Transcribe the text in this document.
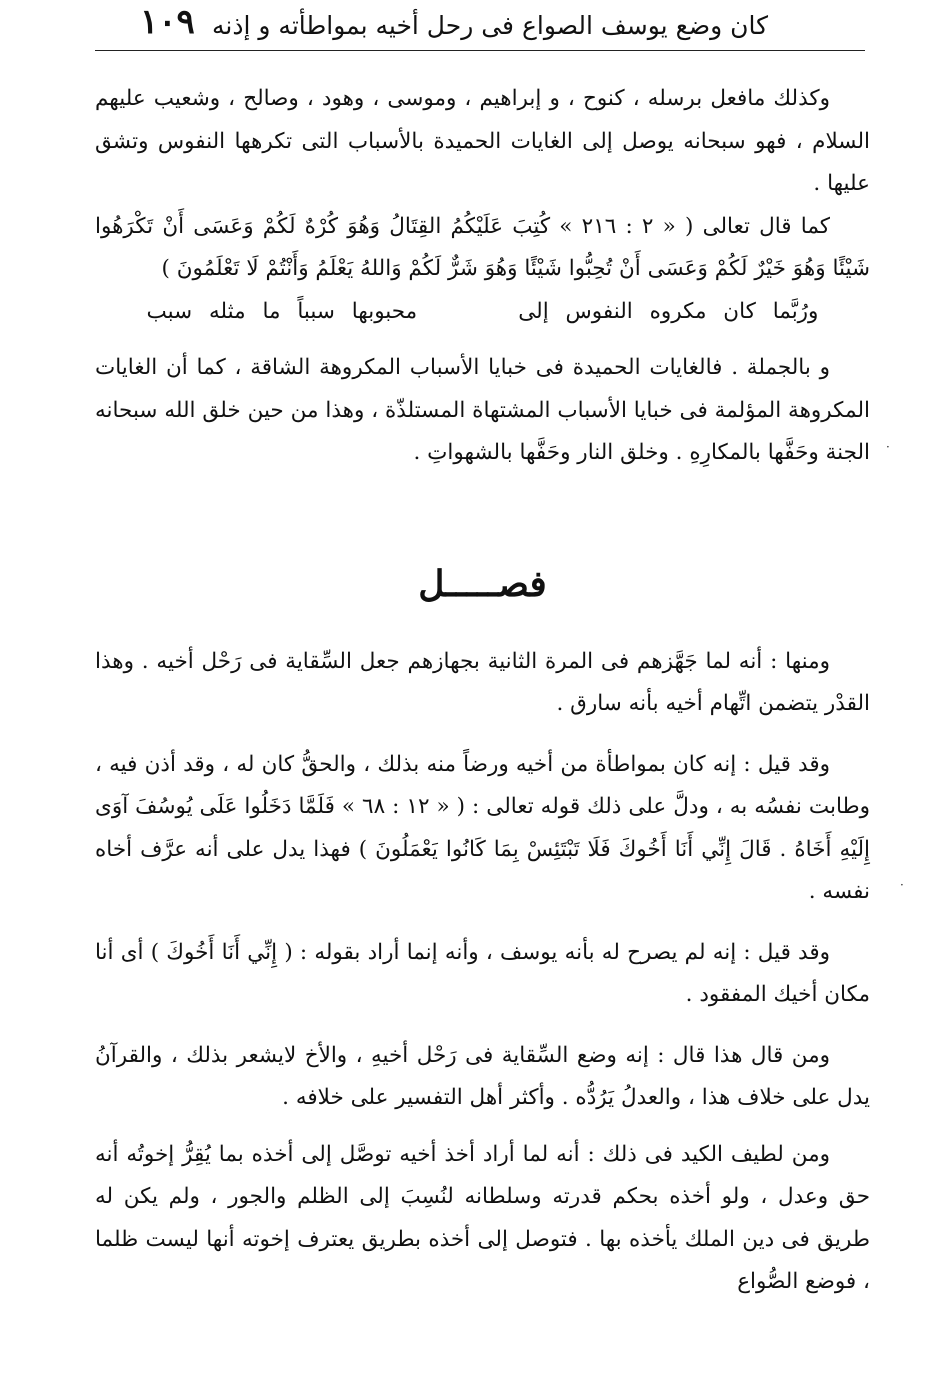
كان وضع يوسف الصواع فى رحل أخيه بمواطأته و إذنه
١٠٩

وكذلك مافعل برسله ، كنوح ، و إبراهيم ، وموسى ، وهود ، وصالح ، وشعيب عليهم السلام ، فهو سبحانه يوصل إلى الغايات الحميدة بالأسباب التى تكرهها النفوس وتشق عليها .

كما قال تعالى ( « ٢ : ٢١٦ » كُتِبَ عَلَيْكُمُ القِتَالُ وَهُوَ كُرْهٌ لَكُمْ وَعَسَى أَنْ تَكْرَهُوا شَيْئًا وَهُوَ خَيْرٌ لَكُمْ وَعَسَى أَنْ تُحِبُّوا شَيْئًا وَهُوَ شَرٌّ لَكُمْ وَاللهُ يَعْلَمُ وَأَنْتُمْ لَا تَعْلَمُونَ )

ورُبَّما كان مكروه النفوس إلى      محبوبها سبباً ما مثله سبب

و بالجملة . فالغايات الحميدة فى خبايا الأسباب المكروهة الشاقة ، كما أن الغايات المكروهة المؤلمة فى خبايا الأسباب المشتهاة المستلذّة ، وهذا من حين خلق الله سبحانه الجنة وحَفَّها بالمكارِهِ . وخلق النار وحَفَّها بالشهواتِ .

فصـــــل

ومنها : أنه لما جَهَّزهم فى المرة الثانية بجهازهم جعل السِّقاية فى رَحْل أخيه . وهذا القدْر يتضمن اتِّهام أخيه بأنه سارق .

وقد قيل : إنه كان بمواطأة من أخيه ورضاً منه بذلك ، والحقُّ كان له ، وقد أذن فيه ، وطابت نفسُه به ، ودلَّ على ذلك قوله تعالى : ( « ١٢ : ٦٨ » فَلَمَّا دَخَلُوا عَلَى يُوسُفَ آوَى إِلَيْهِ أَخَاهُ . قَالَ إِنِّي أَنَا أَخُوكَ فَلَا تَبْتَئِسْ بِمَا كَانُوا يَعْمَلُونَ ) فهذا يدل على أنه عرَّف أخاه نفسه .

وقد قيل : إنه لم يصرح له بأنه يوسف ، وأنه إنما أراد بقوله : ( إِنِّي أَنَا أَخُوكَ ) أى أنا مكان أخيك المفقود .

ومن قال هذا قال : إنه وضع السِّقاية فى رَحْل أخيهِ ، والأخ لايشعر بذلك ، والقرآنُ يدل على خلاف هذا ، والعدلُ يَرُدُّه . وأكثر أهل التفسير على خلافه .

ومن لطيف الكيد فى ذلك : أنه لما أراد أخذ أخيه توصَّل إلى أخذه بما يُقِرُّ إخوتُه أنه حق وعدل ، ولو أخذه بحكم قدرته وسلطانه لنُسِبَ إلى الظلم والجور ، ولم يكن له طريق فى دين الملك يأخذه بها . فتوصل إلى أخذه بطريق يعترف إخوته أنها ليست ظلما ، فوضع الصُّواع

·
·
